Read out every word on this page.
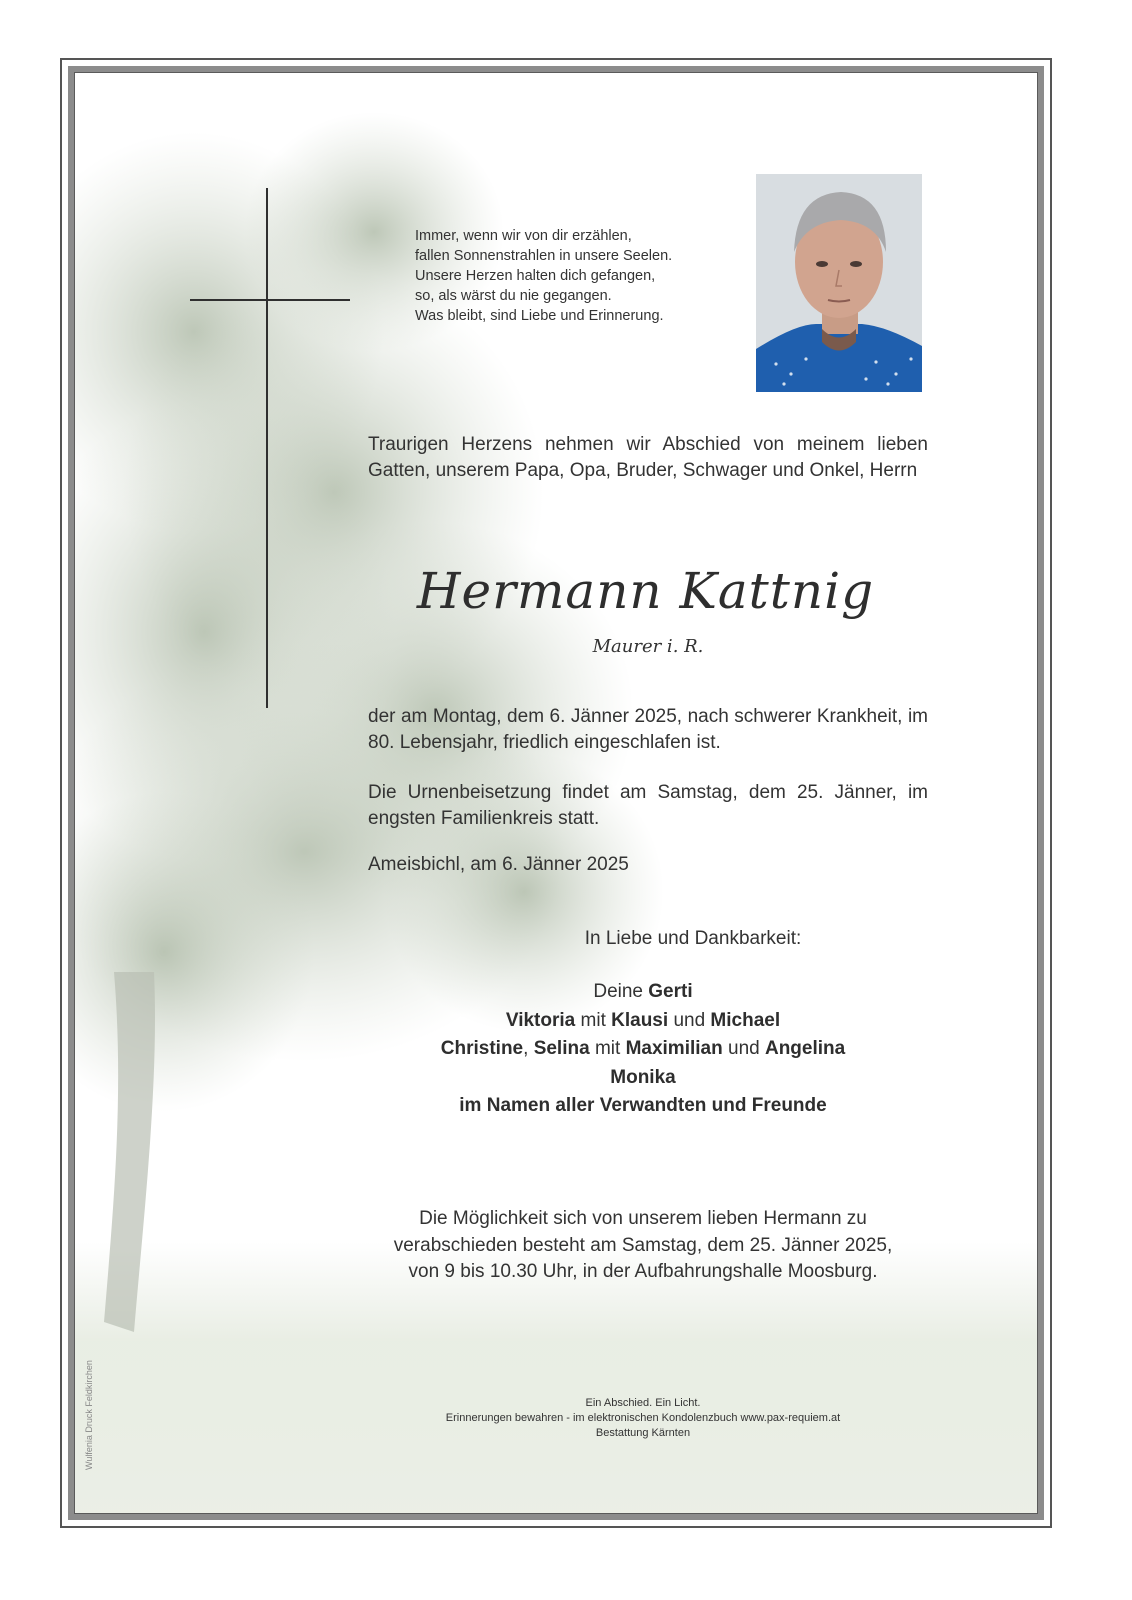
Immer, wenn wir von dir erzählen,
fallen Sonnenstrahlen in unsere Seelen.
Unsere Herzen halten dich gefangen,
so, als wärst du nie gegangen.
Was bleibt, sind Liebe und Erinnerung.
Traurigen Herzens nehmen wir Abschied von meinem lieben Gatten, unserem Papa, Opa, Bruder, Schwager und Onkel, Herrn
Hermann Kattnig
Maurer i. R.
der am Montag, dem 6. Jänner 2025, nach schwerer Krankheit, im 80. Lebensjahr, friedlich eingeschlafen ist.
Die Urnenbeisetzung findet am Samstag, dem 25. Jänner, im engsten Familienkreis statt.
Ameisbichl, am 6. Jänner 2025
In Liebe und Dankbarkeit:
Deine Gerti
Viktoria mit Klausi und Michael
Christine, Selina mit Maximilian und Angelina
Monika
im Namen aller Verwandten und Freunde
Die Möglichkeit sich von unserem lieben Hermann zu
verabschieden besteht am Samstag, dem 25. Jänner 2025,
von 9 bis 10.30 Uhr, in der Aufbahrungshalle Moosburg.
Ein Abschied. Ein Licht.
Erinnerungen bewahren - im elektronischen Kondolenzbuch www.pax-requiem.at
Bestattung Kärnten
Wulfenia Druck Feldkirchen
